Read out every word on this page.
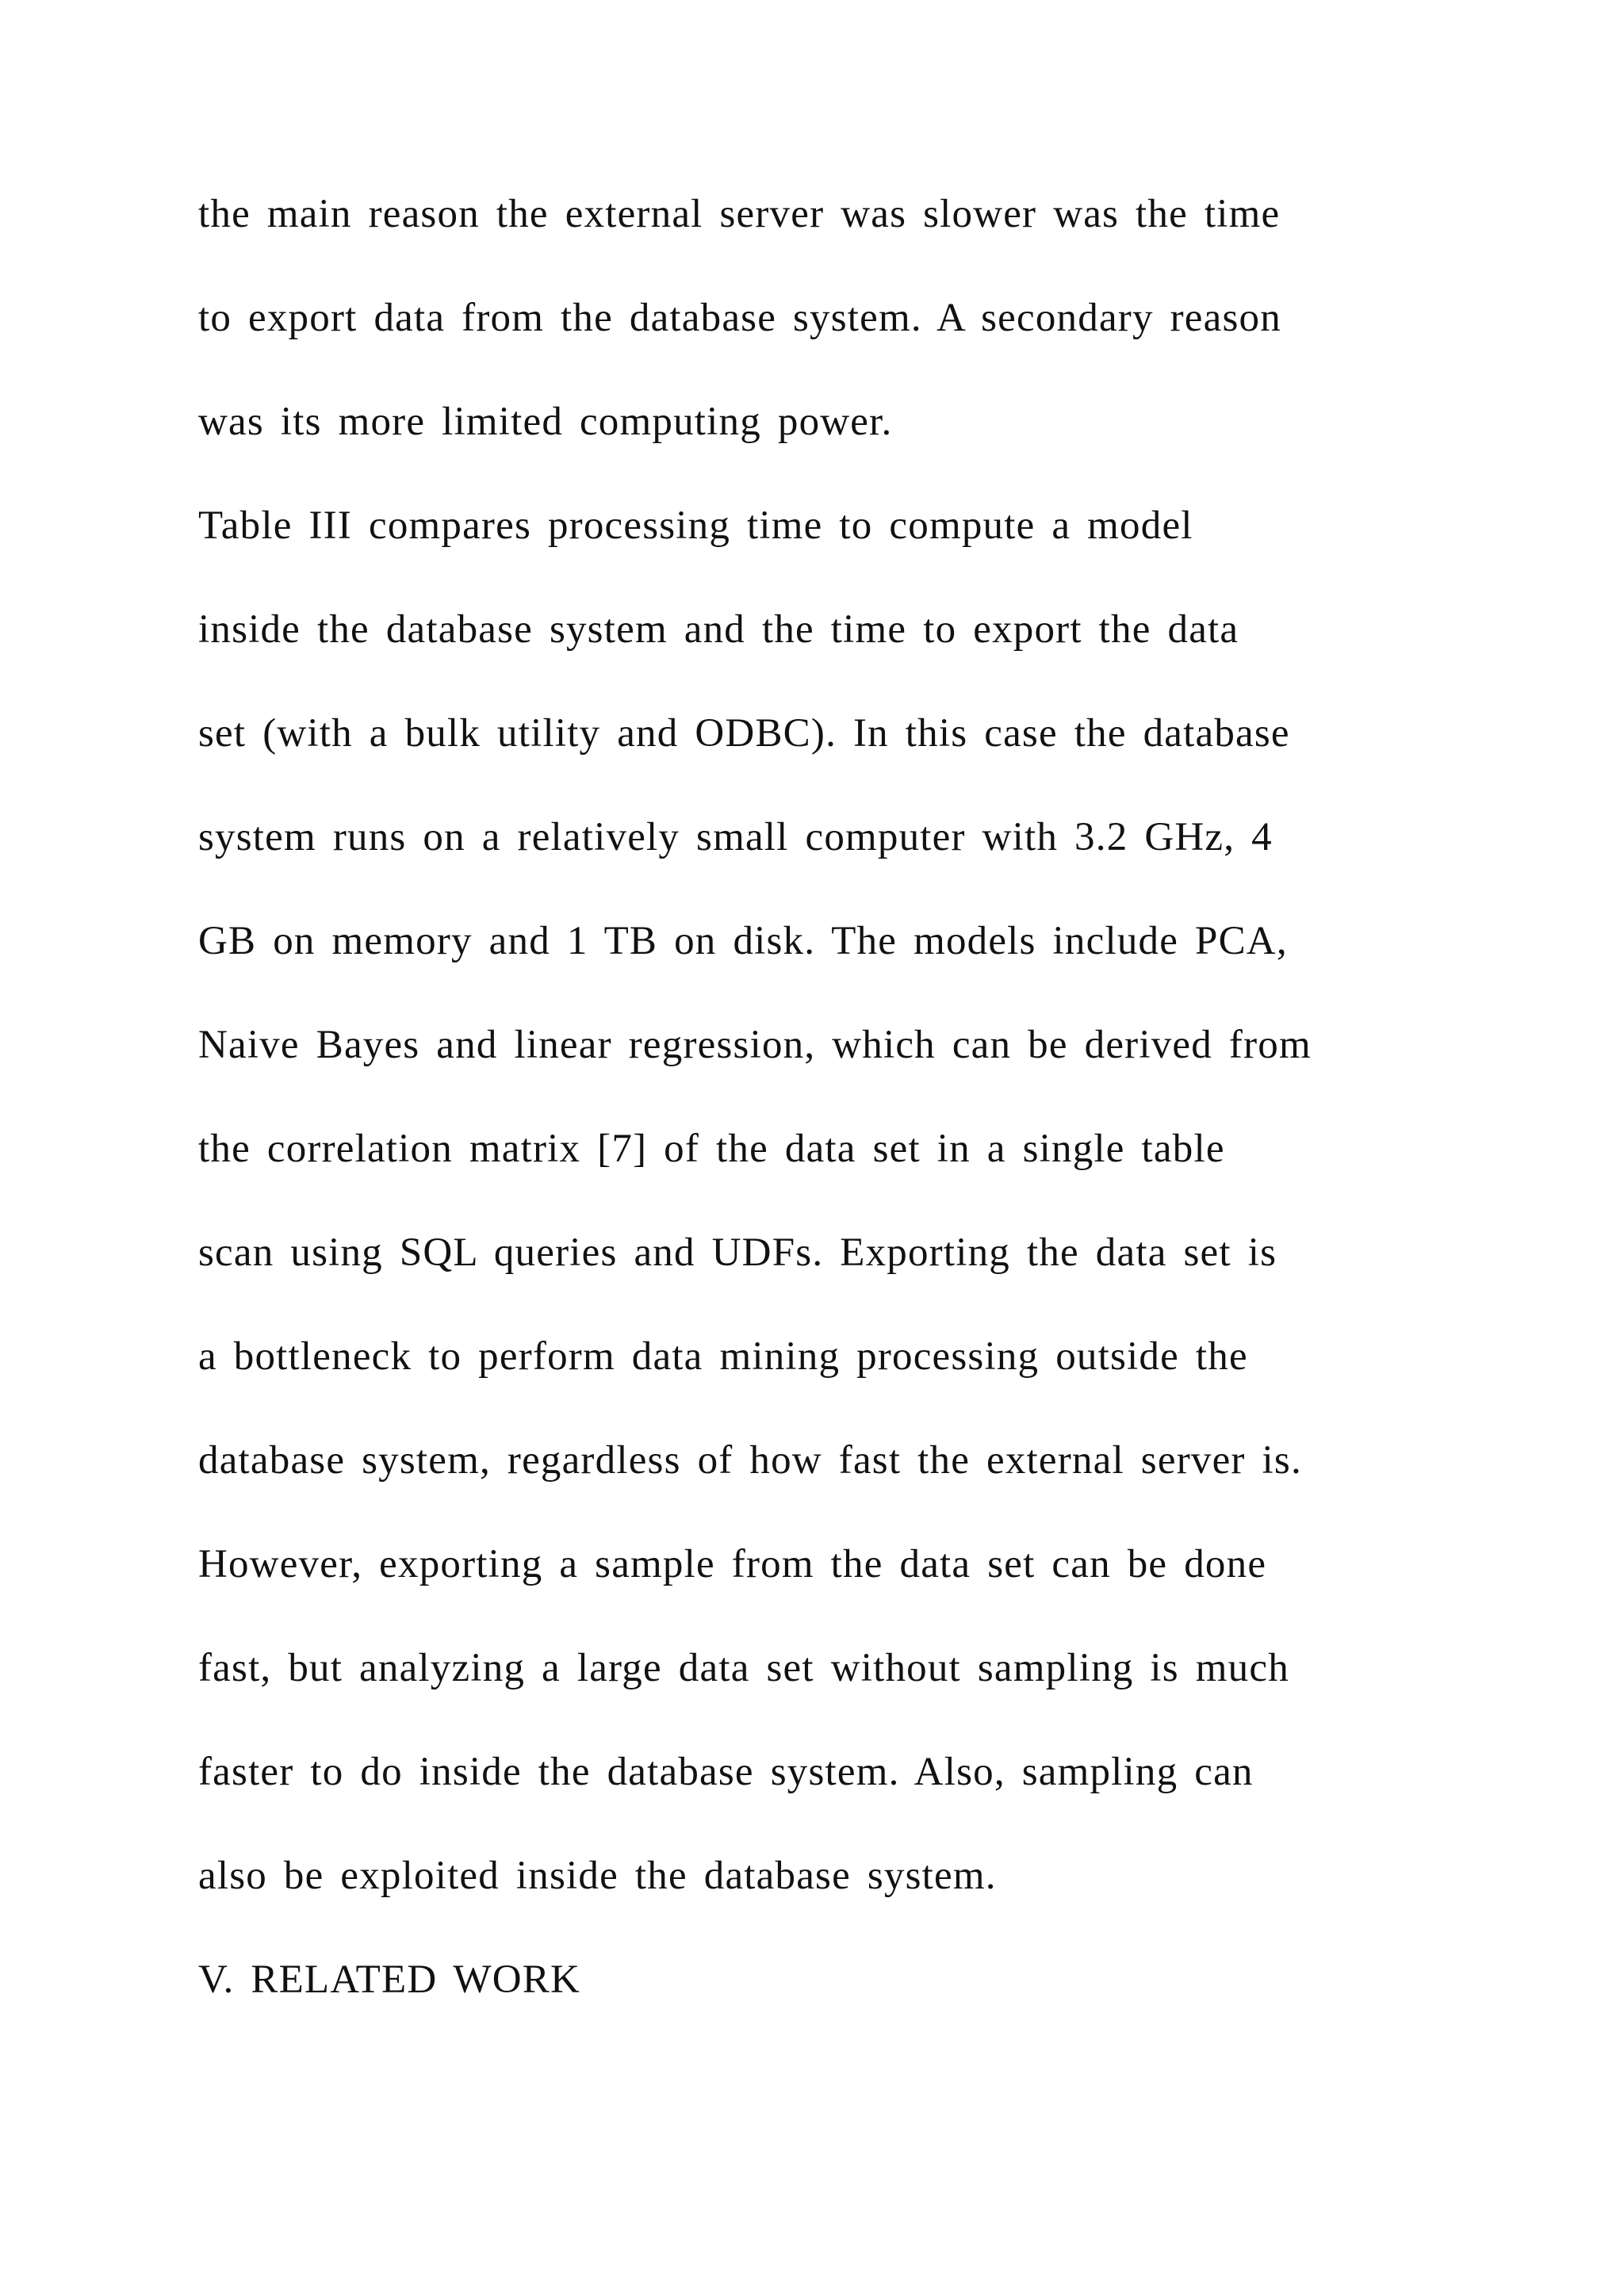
the main reason the external server was slower was the time
to export data from the database system. A secondary reason
was its more limited computing power.
Table III compares processing time to compute a model
inside the database system and the time to export the data
set (with a bulk utility and ODBC). In this case the database
system runs on a relatively small computer with 3.2 GHz, 4
GB on memory and 1 TB on disk. The models include PCA,
Naive Bayes and linear regression, which can be derived from
the correlation matrix [7] of the data set in a single table
scan using SQL queries and UDFs. Exporting the data set is
a bottleneck to perform data mining processing outside the
database system, regardless of how fast the external server is.
However, exporting a sample from the data set can be done
fast, but analyzing a large data set without sampling is much
faster to do inside the database system. Also, sampling can
also be exploited inside the database system.
V. RELATED WORK
